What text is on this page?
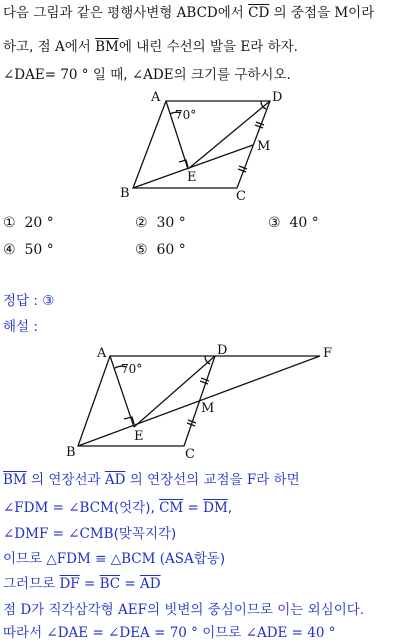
다음 그림과 같은 평행사변형 ABCD에서 $\overline{CD}$ 의 중점을 M이라
하고, 점 A에서 $\overline{BM}$에 내린 수선의 발을 E라 하자.
∠DAE= 70 ° 일 때, ∠ADE의 크기를 구하시오.
A	D
B	C
M
E
70°
① 20 °	② 30 °	③ 40 °
④ 50 °	⑤ 60 °
정답 : ③
해설 :
A	D	F
B	C
M
E
70°
$\overline{BM}$ 의 연장선과 $\overline{AD}$ 의 연장선의 교점을 F라 하면
∠FDM = ∠BCM(엇각), $\overline{CM} = \overline{DM}$,
∠DMF = ∠CMB(맞꼭지각)
이므로 △FDM ≡ △BCM (ASA합동)
그러므로 $\overline{DF} = \overline{BC} = \overline{AD}$
점 D가 직각삼각형 AEF의 빗변의 중심이므로 이는 외심이다.
따라서 ∠DAE = ∠DEA = 70 ° 이므로 ∠ADE = 40 °
